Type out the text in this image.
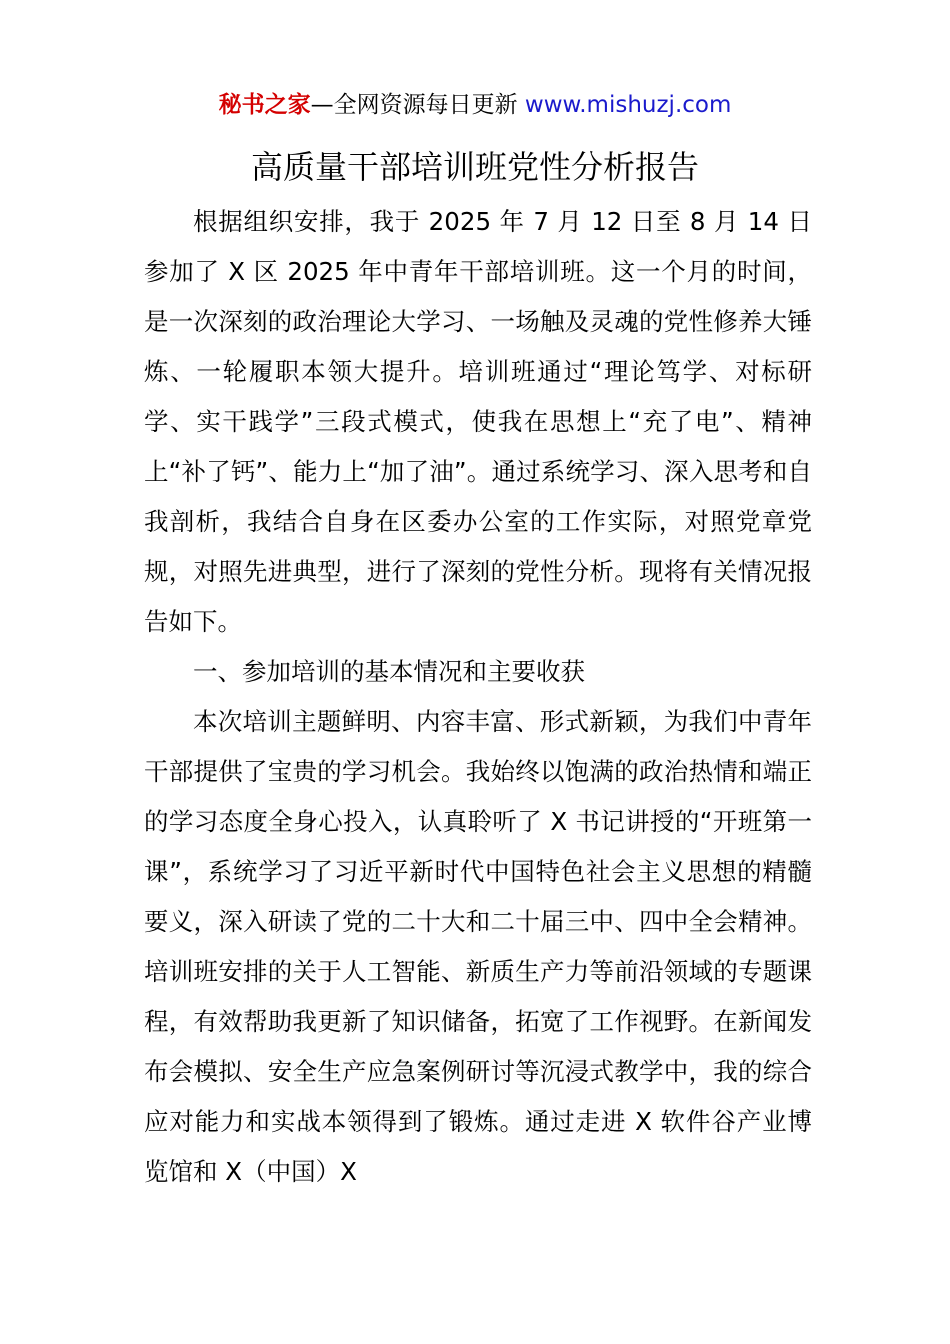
秘书之家—全网资源每日更新 www.mishuzj.com
高质量干部培训班党性分析报告

根据组织安排，我于 2025 年 7 月 12 日至 8 月 14 日参加了 X 区 2025 年中青年干部培训班。这一个月的时间，是一次深刻的政治理论大学习、一场触及灵魂的党性修养大锤炼、一轮履职本领大提升。培训班通过“理论笃学、对标研学、实干践学”三段式模式，使我在思想上“充了电”、精神上“补了钙”、能力上“加了油”。通过系统学习、深入思考和自我剖析，我结合自身在区委办公室的工作实际，对照党章党规，对照先进典型，进行了深刻的党性分析。现将有关情况报告如下。

一、参加培训的基本情况和主要收获

本次培训主题鲜明、内容丰富、形式新颖，为我们中青年干部提供了宝贵的学习机会。我始终以饱满的政治热情和端正的学习态度全身心投入，认真聆听了 X 书记讲授的“开班第一课”，系统学习了习近平新时代中国特色社会主义思想的精髓要义，深入研读了党的二十大和二十届三中、四中全会精神。培训班安排的关于人工智能、新质生产力等前沿领域的专题课程，有效帮助我更新了知识储备，拓宽了工作视野。在新闻发布会模拟、安全生产应急案例研讨等沉浸式教学中，我的综合应对能力和实战本领得到了锻炼。通过走进 X 软件谷产业博览馆和 X（中国）X
